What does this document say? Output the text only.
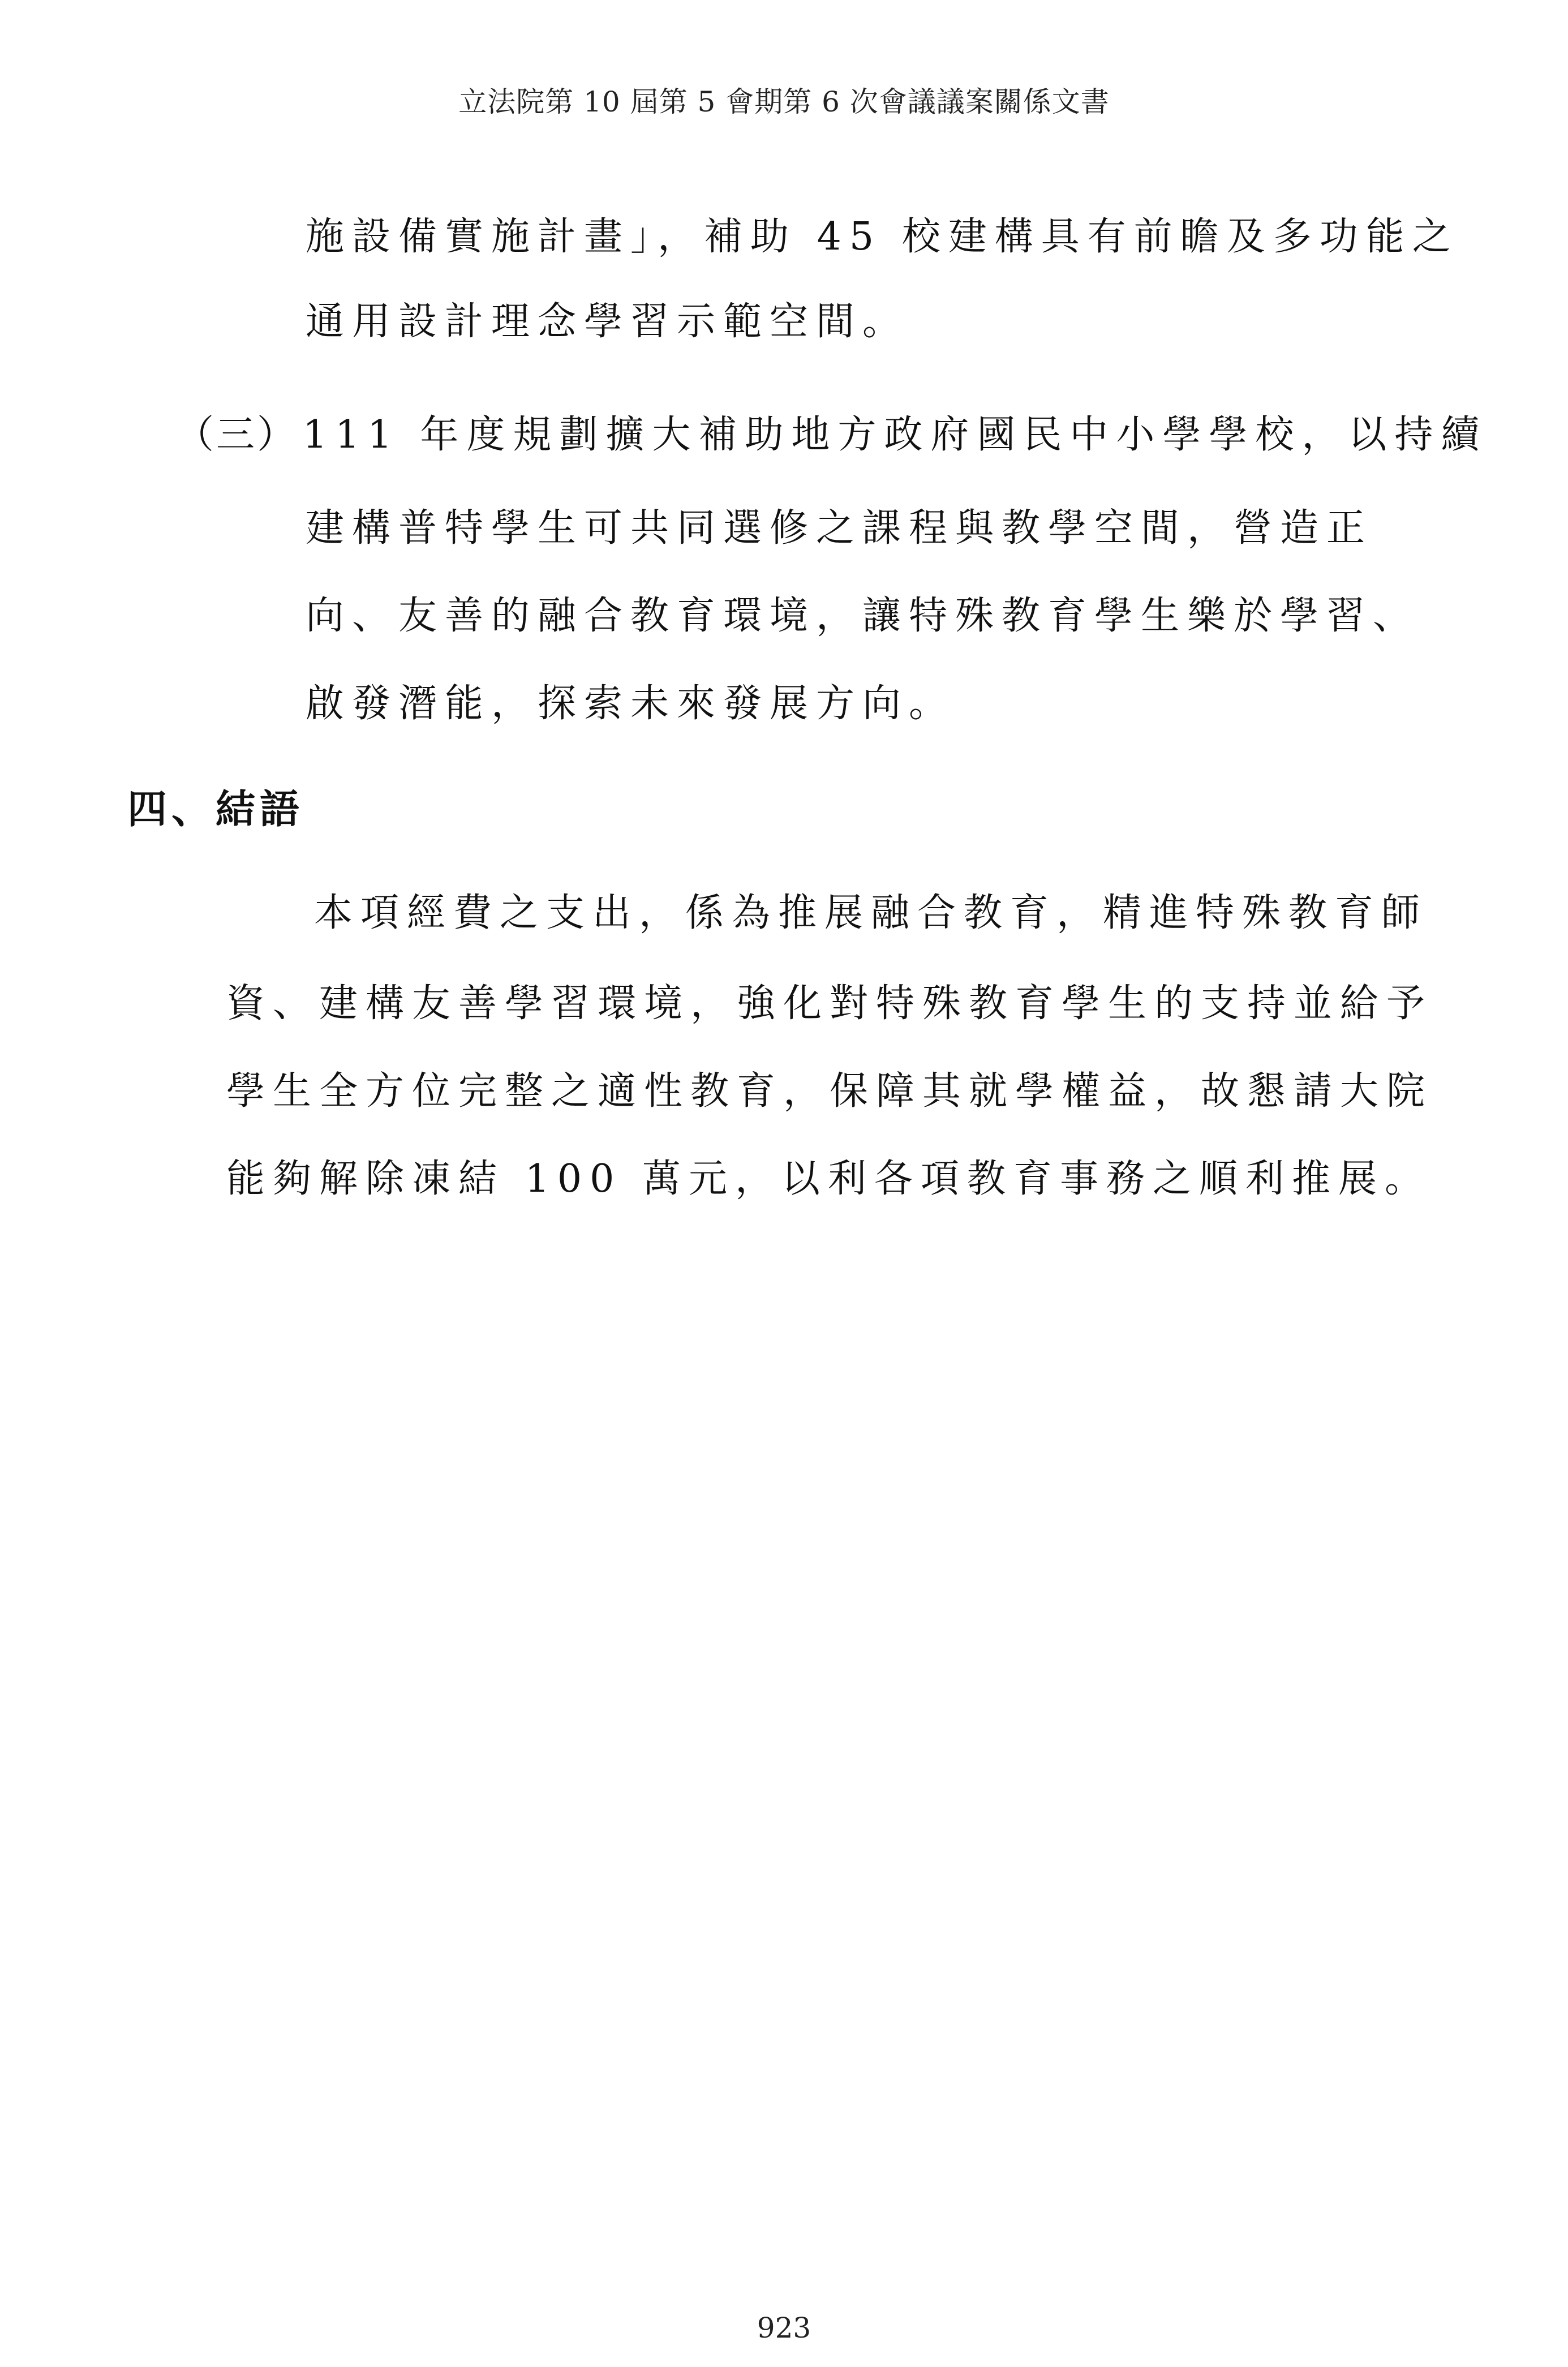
立法院第 10 屆第 5 會期第 6 次會議議案關係文書
施設備實施計畫」，補助 45 校建構具有前瞻及多功能之
通用設計理念學習示範空間。
（三） 111 年度規劃擴大補助地方政府國民中小學學校，以持續
建構普特學生可共同選修之課程與教學空間，營造正
向、友善的融合教育環境，讓特殊教育學生樂於學習、
啟發潛能，探索未來發展方向。
四、結語
本項經費之支出，係為推展融合教育，精進特殊教育師
資、建構友善學習環境，強化對特殊教育學生的支持並給予
學生全方位完整之適性教育，保障其就學權益，故懇請大院
能夠解除凍結 100 萬元，以利各項教育事務之順利推展。
923
